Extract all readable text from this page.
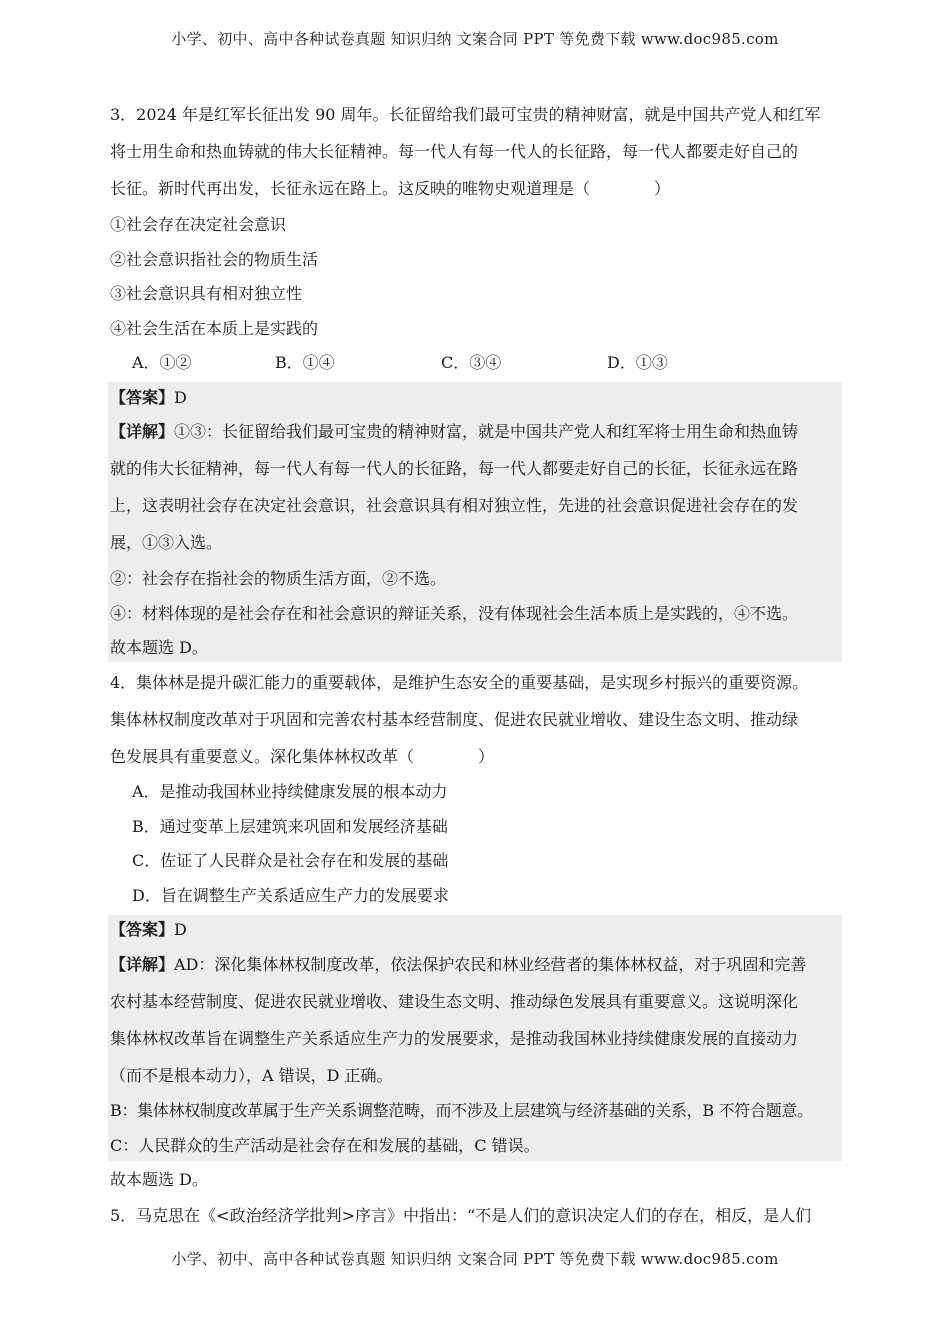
小学、初中、高中各种试卷真题 知识归纳 文案合同 PPT 等免费下载 www.doc985.com
3．2024 年是红军长征出发 90 周年。长征留给我们最可宝贵的精神财富，就是中国共产党人和红军
将士用生命和热血铸就的伟大长征精神。每一代人有每一代人的长征路，每一代人都要走好自己的
长征。新时代再出发，长征永远在路上。这反映的唯物史观道理是（　　　　）
①社会存在决定社会意识
②社会意识指社会的物质生活
③社会意识具有相对独立性
④社会生活在本质上是实践的
A．①②	B．①④	C．③④	D．①③
【答案】D
【详解】①③：长征留给我们最可宝贵的精神财富，就是中国共产党人和红军将士用生命和热血铸
就的伟大长征精神，每一代人有每一代人的长征路，每一代人都要走好自己的长征，长征永远在路
上，这表明社会存在决定社会意识，社会意识具有相对独立性，先进的社会意识促进社会存在的发
展，①③入选。
②：社会存在指社会的物质生活方面，②不选。
④：材料体现的是社会存在和社会意识的辩证关系，没有体现社会生活本质上是实践的，④不选。
故本题选 D。
4．集体林是提升碳汇能力的重要载体，是维护生态安全的重要基础，是实现乡村振兴的重要资源。
集体林权制度改革对于巩固和完善农村基本经营制度、促进农民就业增收、建设生态文明、推动绿
色发展具有重要意义。深化集体林权改革（　　　　）
A．是推动我国林业持续健康发展的根本动力
B．通过变革上层建筑来巩固和发展经济基础
C．佐证了人民群众是社会存在和发展的基础
D．旨在调整生产关系适应生产力的发展要求
【答案】D
【详解】AD：深化集体林权制度改革，依法保护农民和林业经营者的集体林权益，对于巩固和完善
农村基本经营制度、促进农民就业增收、建设生态文明、推动绿色发展具有重要意义。这说明深化
集体林权改革旨在调整生产关系适应生产力的发展要求，是推动我国林业持续健康发展的直接动力
（而不是根本动力），A 错误，D 正确。
B：集体林权制度改革属于生产关系调整范畴，而不涉及上层建筑与经济基础的关系，B 不符合题意。
C：人民群众的生产活动是社会存在和发展的基础，C 错误。
故本题选 D。
5．马克思在《<政治经济学批判>序言》中指出：“不是人们的意识决定人们的存在，相反，是人们
小学、初中、高中各种试卷真题 知识归纳 文案合同 PPT 等免费下载 www.doc985.com
